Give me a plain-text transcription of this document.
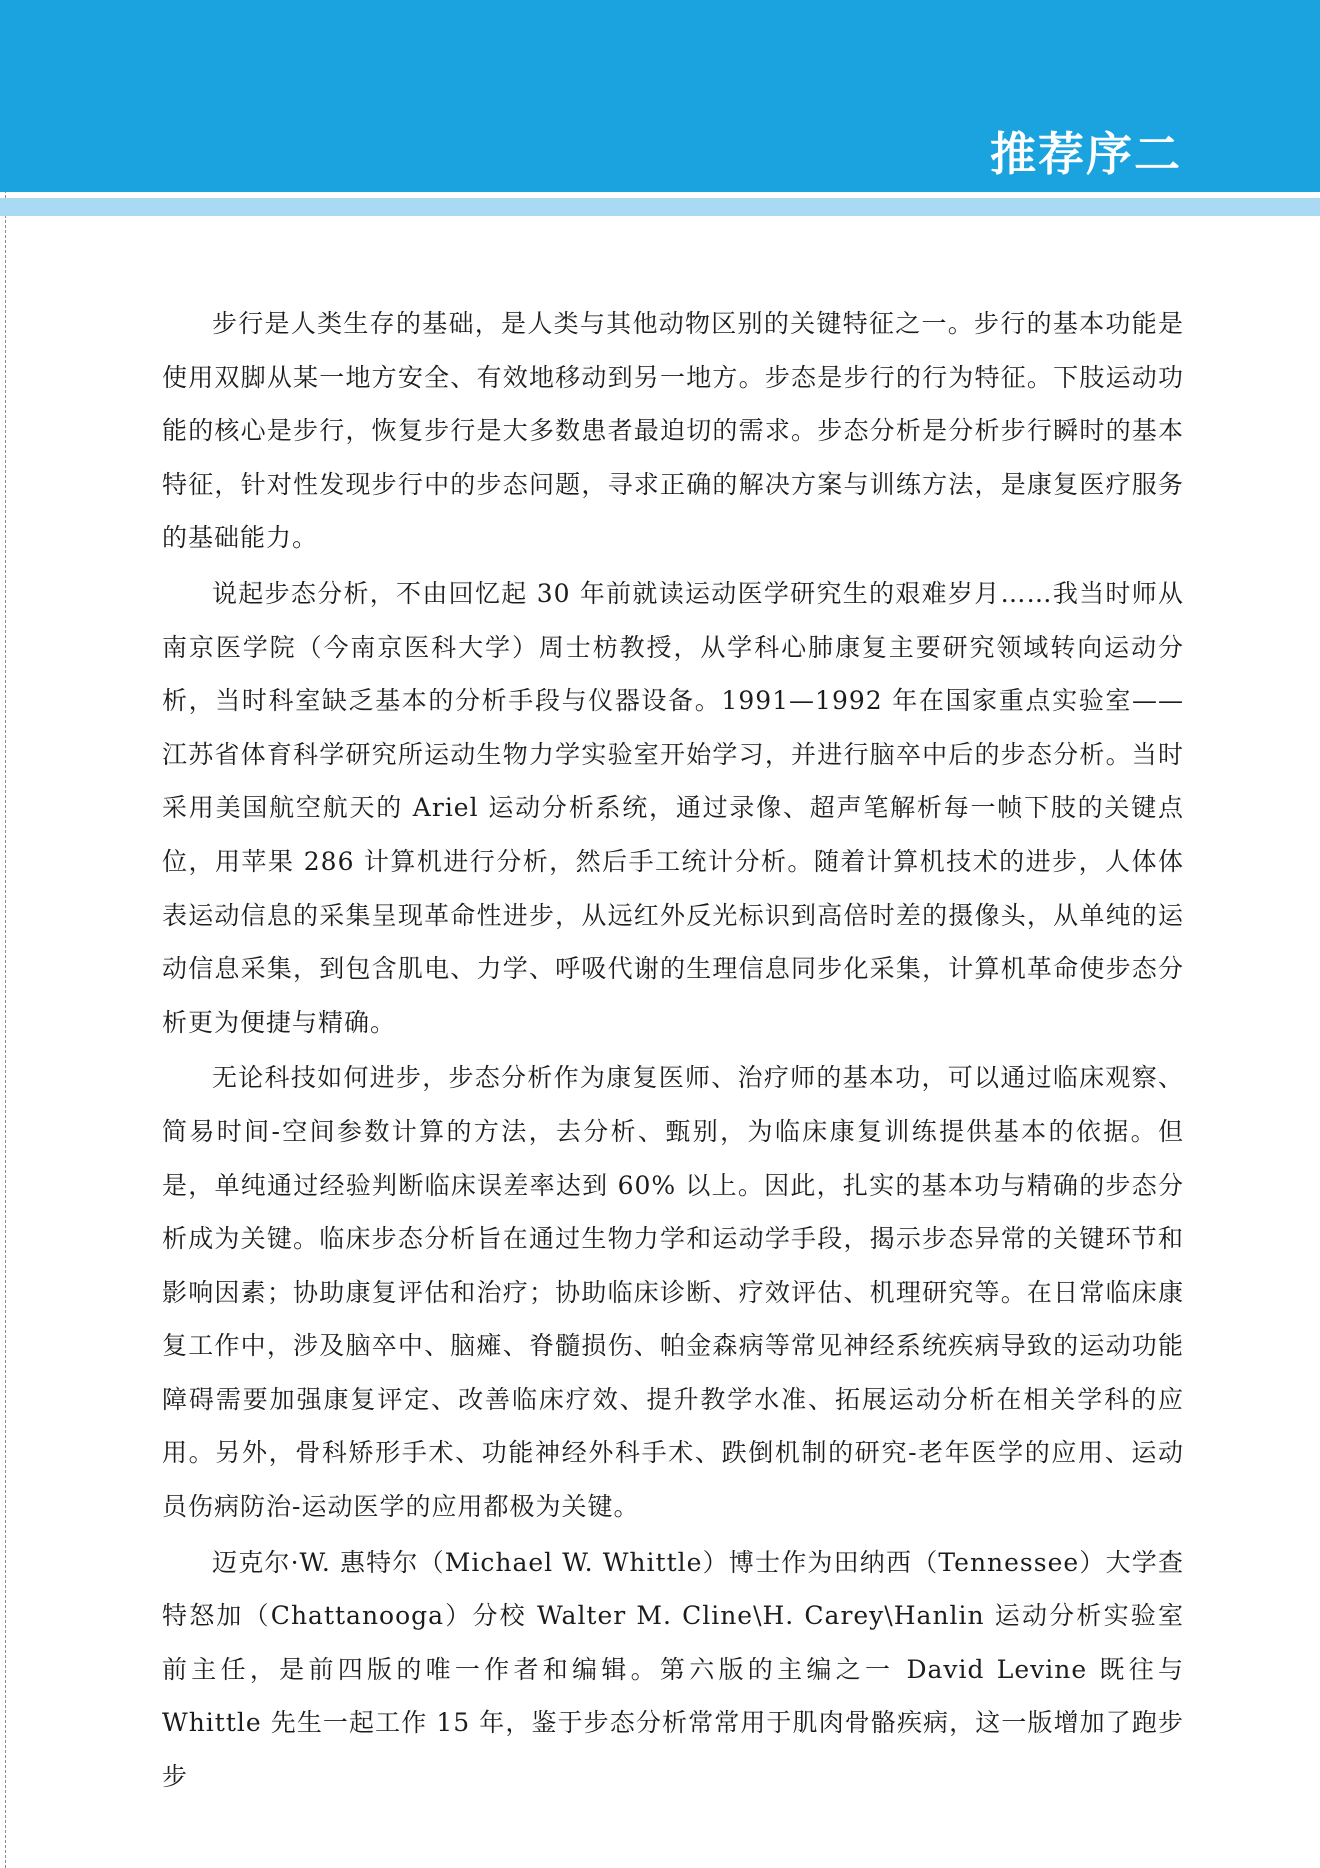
推荐序二

步行是人类生存的基础，是人类与其他动物区别的关键特征之一。步行的基本功能是使用双脚从某一地方安全、有效地移动到另一地方。步态是步行的行为特征。下肢运动功能的核心是步行，恢复步行是大多数患者最迫切的需求。步态分析是分析步行瞬时的基本特征，针对性发现步行中的步态问题，寻求正确的解决方案与训练方法，是康复医疗服务的基础能力。

说起步态分析，不由回忆起 30 年前就读运动医学研究生的艰难岁月……我当时师从南京医学院（今南京医科大学）周士枋教授，从学科心肺康复主要研究领域转向运动分析，当时科室缺乏基本的分析手段与仪器设备。1991—1992 年在国家重点实验室——江苏省体育科学研究所运动生物力学实验室开始学习，并进行脑卒中后的步态分析。当时采用美国航空航天的 Ariel 运动分析系统，通过录像、超声笔解析每一帧下肢的关键点位，用苹果 286 计算机进行分析，然后手工统计分析。随着计算机技术的进步，人体体表运动信息的采集呈现革命性进步，从远红外反光标识到高倍时差的摄像头，从单纯的运动信息采集，到包含肌电、力学、呼吸代谢的生理信息同步化采集，计算机革命使步态分析更为便捷与精确。

无论科技如何进步，步态分析作为康复医师、治疗师的基本功，可以通过临床观察、简易时间-空间参数计算的方法，去分析、甄别，为临床康复训练提供基本的依据。但是，单纯通过经验判断临床误差率达到 60% 以上。因此，扎实的基本功与精确的步态分析成为关键。临床步态分析旨在通过生物力学和运动学手段，揭示步态异常的关键环节和影响因素；协助康复评估和治疗；协助临床诊断、疗效评估、机理研究等。在日常临床康复工作中，涉及脑卒中、脑瘫、脊髓损伤、帕金森病等常见神经系统疾病导致的运动功能障碍需要加强康复评定、改善临床疗效、提升教学水准、拓展运动分析在相关学科的应用。另外，骨科矫形手术、功能神经外科手术、跌倒机制的研究-老年医学的应用、运动员伤病防治-运动医学的应用都极为关键。

迈克尔·W. 惠特尔（Michael W. Whittle）博士作为田纳西（Tennessee）大学查特怒加（Chattanooga）分校 Walter M. Cline\H. Carey\Hanlin 运动分析实验室前主任，是前四版的唯一作者和编辑。第六版的主编之一 David Levine 既往与 Whittle 先生一起工作 15 年，鉴于步态分析常常用于肌肉骨骼疾病，这一版增加了跑步步
